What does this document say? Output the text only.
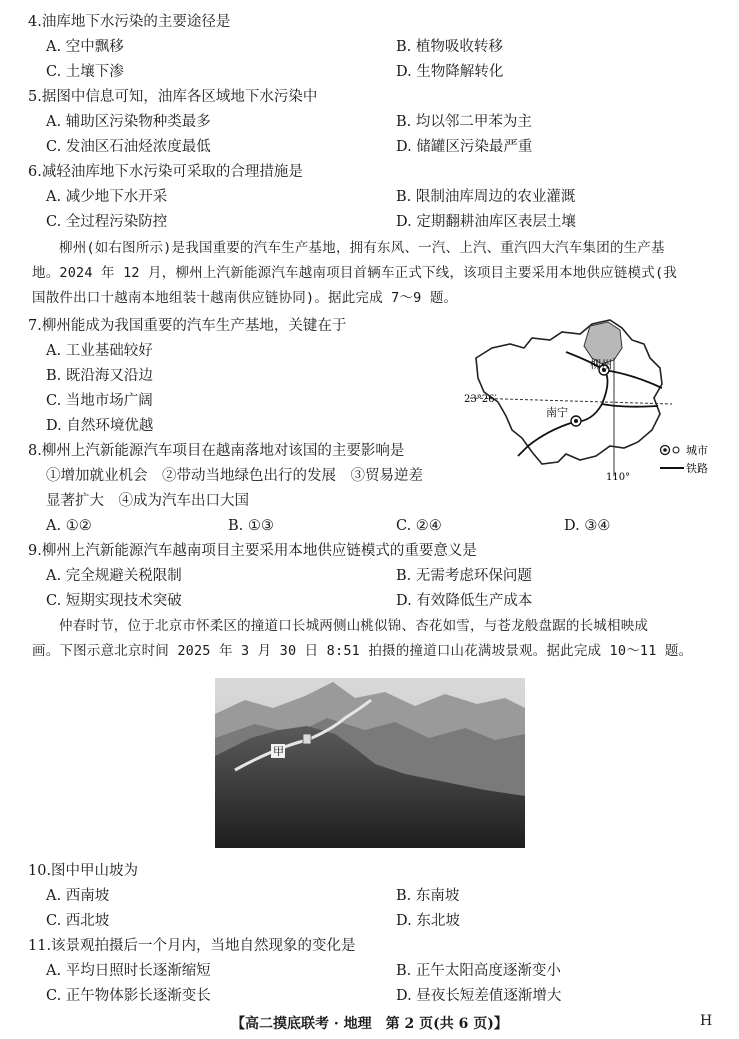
4.油库地下水污染的主要途径是
A. 空中飘移	B. 植物吸收转移
C. 土壤下渗	D. 生物降解转化
5.据图中信息可知，油库各区域地下水污染中
A. 辅助区污染物种类最多	B. 均以邻二甲苯为主
C. 发油区石油烃浓度最低	D. 储罐区污染最严重
6.减轻油库地下水污染可采取的合理措施是
A. 减少地下水开采	B. 限制油库周边的农业灌溉
C. 全过程污染防控	D. 定期翻耕油库区表层土壤
柳州(如右图所示)是我国重要的汽车生产基地，拥有东风、一汽、上汽、重汽四大汽车集团的生产基
地。2024 年 12 月，柳州上汽新能源汽车越南项目首辆车正式下线，该项目主要采用本地供应链模式(我
国散件出口十越南本地组装十越南供应链协同)。据此完成 7～9 题。
7.柳州能成为我国重要的汽车生产基地，关键在于
A. 工业基础较好
B. 既沿海又沿边
C. 当地市场广阔
D. 自然环境优越
柳州
南宁
23°26′
110°
城市
铁路
8.柳州上汽新能源汽车项目在越南落地对该国的主要影响是
①增加就业机会　②带动当地绿色出行的发展　③贸易逆差
显著扩大　④成为汽车出口大国
A. ①②	B. ①③	C. ②④	D. ③④
9.柳州上汽新能源汽车越南项目主要采用本地供应链模式的重要意义是
A. 完全规避关税限制	B. 无需考虑环保问题
C. 短期实现技术突破	D. 有效降低生产成本
仲春时节，位于北京市怀柔区的撞道口长城两侧山桃似锦、杏花如雪，与苍龙般盘踞的长城相映成
画。下图示意北京时间 2025 年 3 月 30 日 8:51 拍摄的撞道口山花满坡景观。据此完成 10～11 题。
甲
10.图中甲山坡为
A. 西南坡	B. 东南坡
C. 西北坡	D. 东北坡
11.该景观拍摄后一个月内，当地自然现象的变化是
A. 平均日照时长逐渐缩短	B. 正午太阳高度逐渐变小
C. 正午物体影长逐渐变长	D. 昼夜长短差值逐渐增大
【高二摸底联考 · 地理　第 2 页(共 6 页)】	H
